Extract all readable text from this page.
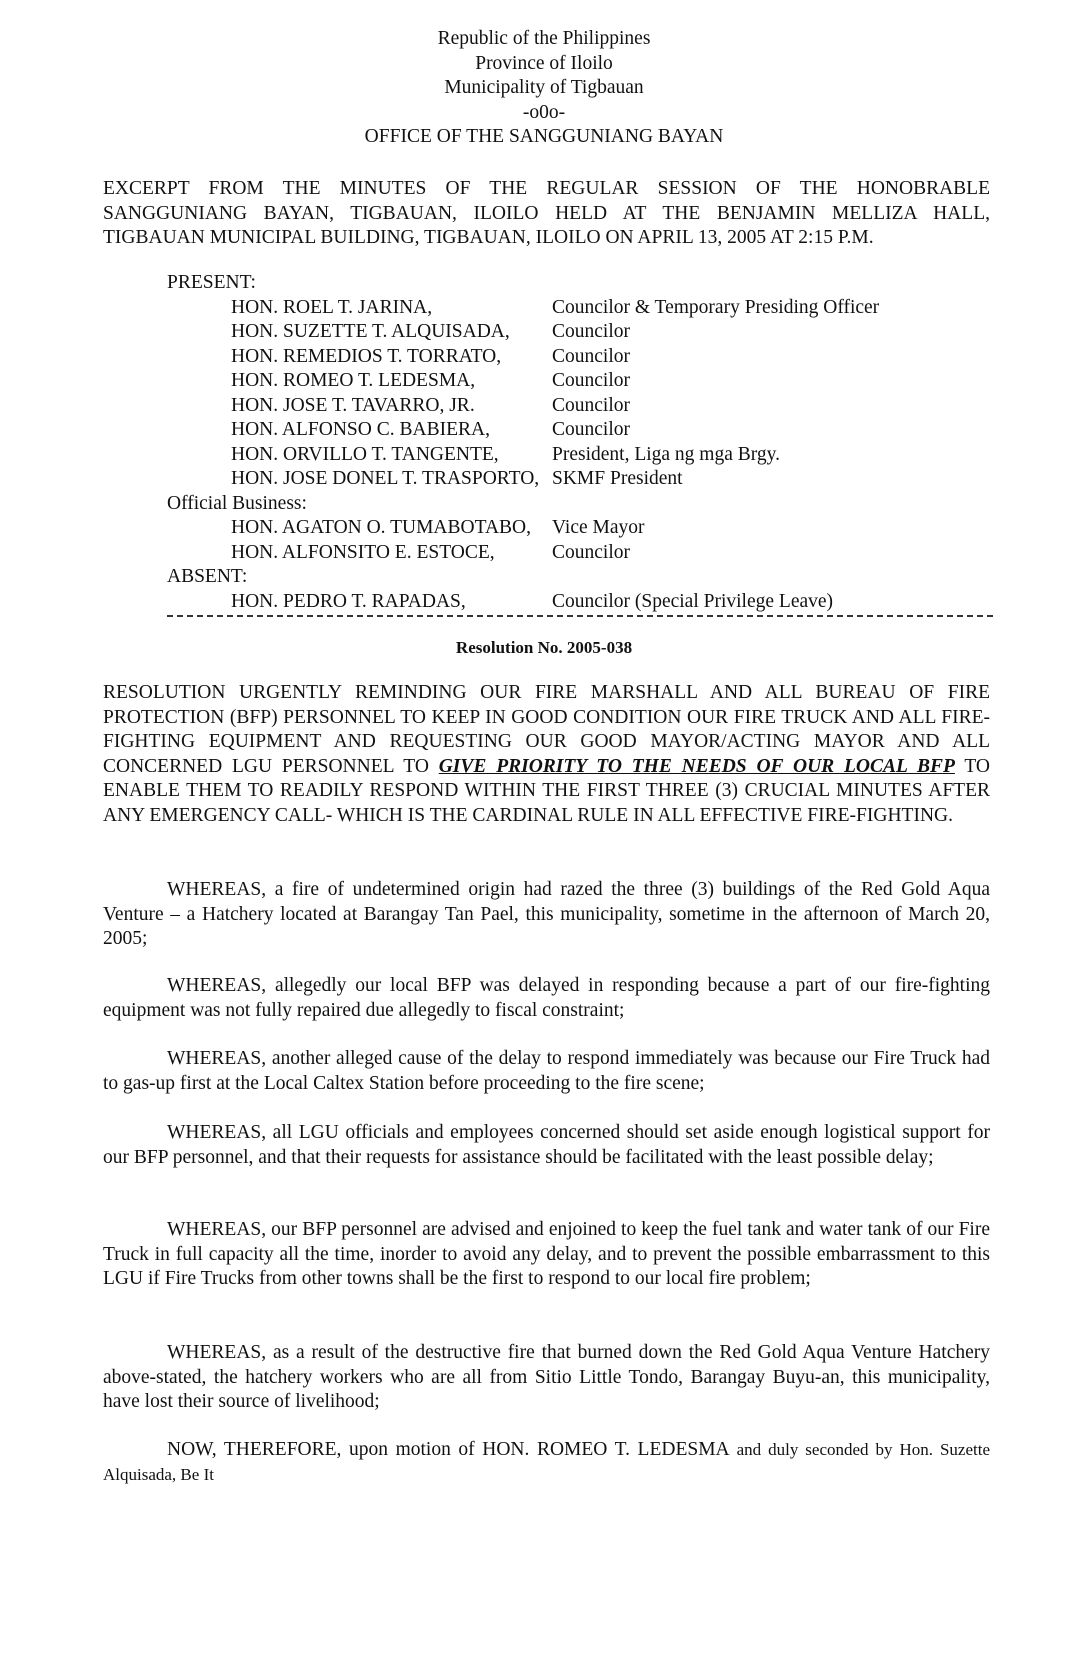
Republic of the Philippines
Province of Iloilo
Municipality of Tigbauan
-o0o-
OFFICE OF THE SANGGUNIANG BAYAN
EXCERPT FROM THE MINUTES OF THE REGULAR SESSION OF THE HONOBRABLE SANGGUNIANG BAYAN, TIGBAUAN, ILOILO HELD AT THE BENJAMIN MELLIZA HALL, TIGBAUAN MUNICIPAL BUILDING, TIGBAUAN, ILOILO ON APRIL 13, 2005 AT 2:15 P.M.
PRESENT:
HON. ROEL T. JARINA,	Councilor & Temporary Presiding Officer
HON. SUZETTE T. ALQUISADA,	Councilor
HON. REMEDIOS T. TORRATO,	Councilor
HON. ROMEO T. LEDESMA,	Councilor
HON. JOSE T. TAVARRO, JR.	Councilor
HON. ALFONSO C. BABIERA,	Councilor
HON. ORVILLO T. TANGENTE,	President, Liga ng mga Brgy.
HON. JOSE DONEL T. TRASPORTO, SKMF President
Official Business:
HON. AGATON O. TUMABOTABO,	Vice Mayor
HON. ALFONSITO E. ESTOCE,	Councilor
ABSENT:
HON. PEDRO T. RAPADAS,	Councilor (Special Privilege Leave)
Resolution No. 2005-038
RESOLUTION URGENTLY REMINDING OUR FIRE MARSHALL AND ALL BUREAU OF FIRE PROTECTION (BFP) PERSONNEL TO KEEP IN GOOD CONDITION OUR FIRE TRUCK AND ALL FIRE-FIGHTING EQUIPMENT AND REQUESTING OUR GOOD MAYOR/ACTING MAYOR AND ALL CONCERNED LGU PERSONNEL TO GIVE PRIORITY TO THE NEEDS OF OUR LOCAL BFP TO ENABLE THEM TO READILY RESPOND WITHIN THE FIRST THREE (3) CRUCIAL MINUTES AFTER ANY EMERGENCY CALL- WHICH IS THE CARDINAL RULE IN ALL EFFECTIVE FIRE-FIGHTING.
WHEREAS, a fire of undetermined origin had razed the three (3) buildings of the Red Gold Aqua Venture – a Hatchery located at Barangay Tan Pael, this municipality, sometime in the afternoon of March 20, 2005;
WHEREAS, allegedly our local BFP was delayed in responding because a part of our fire-fighting equipment was not fully repaired due allegedly to fiscal constraint;
WHEREAS, another alleged cause of the delay to respond immediately was because our Fire Truck had to gas-up first at the Local Caltex Station before proceeding to the fire scene;
WHEREAS, all LGU officials and employees concerned should set aside enough logistical support for our BFP personnel, and that their requests for assistance should be facilitated with the least possible delay;
WHEREAS, our BFP personnel are advised and enjoined to keep the fuel tank and water tank of our Fire Truck in full capacity all the time, inorder to avoid any delay, and to prevent the possible embarrassment to this LGU if Fire Trucks from other towns shall be the first to respond to our local fire problem;
WHEREAS, as a result of the destructive fire that burned down the Red Gold Aqua Venture Hatchery above-stated, the hatchery workers who are all from Sitio Little Tondo, Barangay Buyu-an, this municipality, have lost their source of livelihood;
NOW, THEREFORE, upon motion of HON. ROMEO T. LEDESMA and duly seconded by Hon. Suzette Alquisada, Be It
